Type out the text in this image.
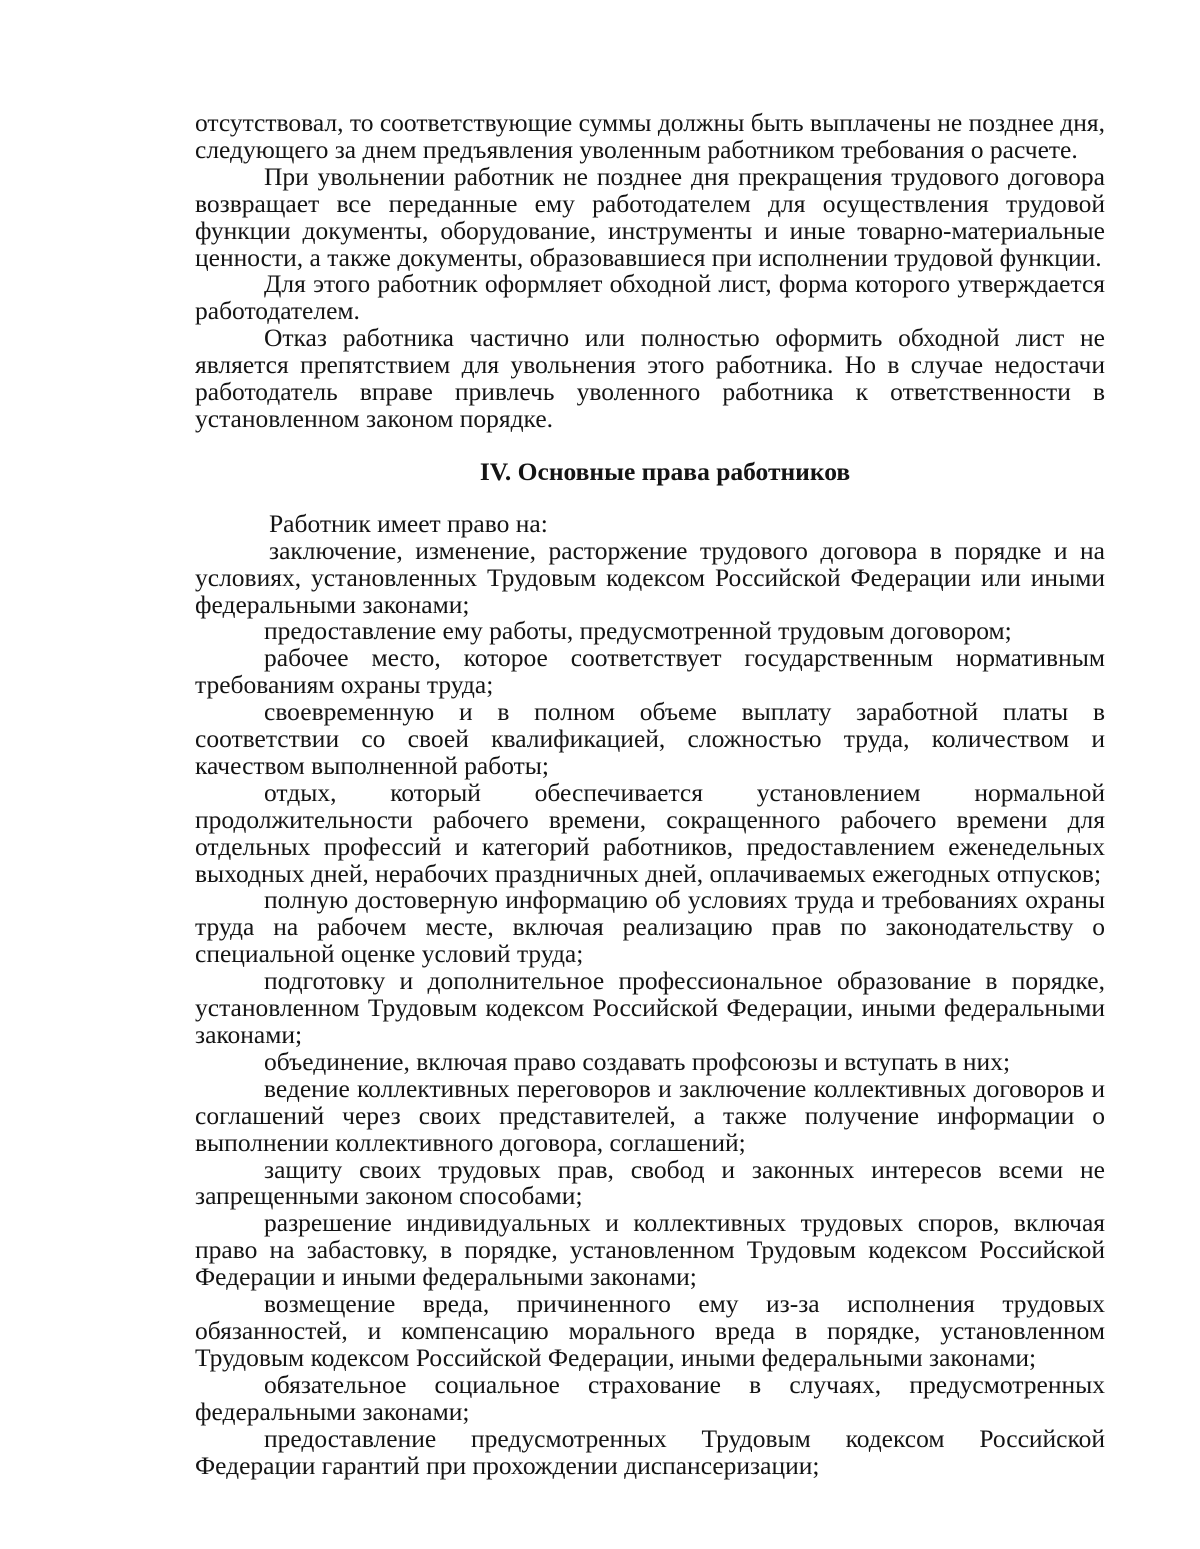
отсутствовал, то соответствующие суммы должны быть выплачены не позднее дня, следующего за днем предъявления уволенным работником требования о расчете.

При увольнении работник не позднее дня прекращения трудового договора возвращает все переданные ему работодателем для осуществления трудовой функции документы, оборудование, инструменты и иные товарно-материальные ценности, а также документы, образовавшиеся при исполнении трудовой функции.

Для этого работник оформляет обходной лист, форма которого утверждается работодателем.

Отказ работника частично или полностью оформить обходной лист не является препятствием для увольнения этого работника. Но в случае недостачи работодатель вправе привлечь уволенного работника к ответственности в установленном законом порядке.

IV. Основные права работников

Работник имеет право на:

заключение, изменение, расторжение трудового договора в порядке и на условиях, установленных Трудовым кодексом Российской Федерации или иными федеральными законами;

предоставление ему работы, предусмотренной трудовым договором;

рабочее место, которое соответствует государственным нормативным требованиям охраны труда;

своевременную и в полном объеме выплату заработной платы в соответствии со своей квалификацией, сложностью труда, количеством и качеством выполненной работы;

отдых, который обеспечивается установлением нормальной продолжительности рабочего времени, сокращенного рабочего времени для отдельных профессий и категорий работников, предоставлением еженедельных выходных дней, нерабочих праздничных дней, оплачиваемых ежегодных отпусков;

полную достоверную информацию об условиях труда и требованиях охраны труда на рабочем месте, включая реализацию прав по законодательству о специальной оценке условий труда;

подготовку и дополнительное профессиональное образование в порядке, установленном Трудовым кодексом Российской Федерации, иными федеральными законами;

объединение, включая право создавать профсоюзы и вступать в них;

ведение коллективных переговоров и заключение коллективных договоров и соглашений через своих представителей, а также получение информации о выполнении коллективного договора, соглашений;

защиту своих трудовых прав, свобод и законных интересов всеми не запрещенными законом способами;

разрешение индивидуальных и коллективных трудовых споров, включая право на забастовку, в порядке, установленном Трудовым кодексом Российской Федерации и иными федеральными законами;

возмещение вреда, причиненного ему из-за исполнения трудовых обязанностей, и компенсацию морального вреда в порядке, установленном Трудовым кодексом Российской Федерации, иными федеральными законами;

обязательное социальное страхование в случаях, предусмотренных федеральными законами;

предоставление предусмотренных Трудовым кодексом Российской Федерации гарантий при прохождении диспансеризации;
